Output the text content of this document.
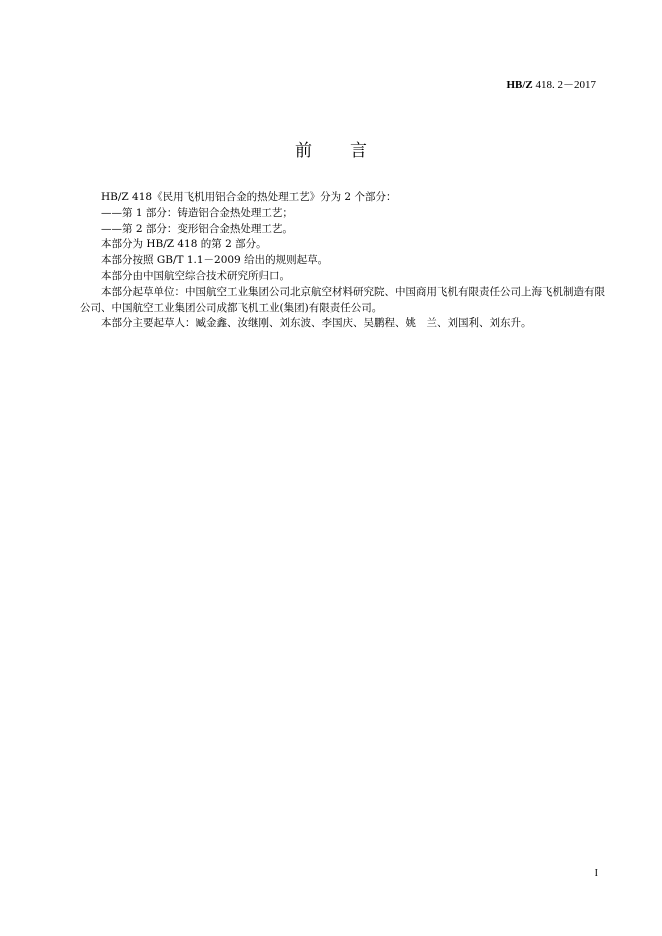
HB/Z 418. 2－2017
前言

HB/Z 418《民用飞机用铝合金的热处理工艺》分为 2 个部分：

——第 1 部分：铸造铝合金热处理工艺；

——第 2 部分：变形铝合金热处理工艺。

本部分为 HB/Z 418 的第 2 部分。

本部分按照 GB/T 1.1－2009 给出的规则起草。

本部分由中国航空综合技术研究所归口。

本部分起草单位：中国航空工业集团公司北京航空材料研究院、中国商用飞机有限责任公司上海飞机制造有限公司、中国航空工业集团公司成都飞机工业(集团)有限责任公司。

本部分主要起草人：臧金鑫、汝继刚、刘东波、李国庆、吴鹏程、姚　兰、刘国利、刘东升。

I
